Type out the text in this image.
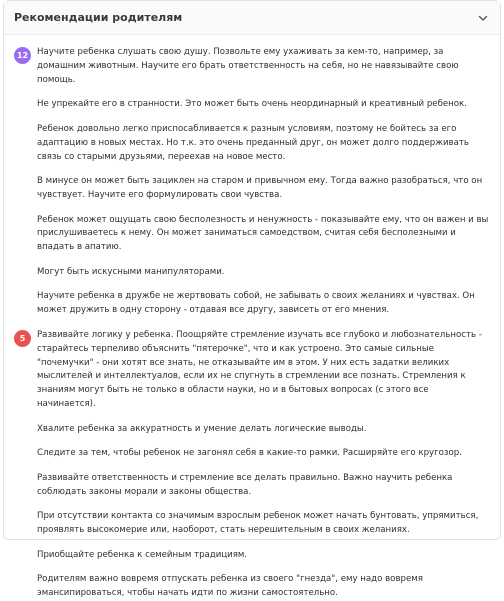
Рекомендации родителям
12	Научите ребенка слушать свою душу. Позвольте ему ухаживать за кем-то, например, за домашним животным. Научите его брать ответственность на себя, но не навязывайте свою помощь.

Не упрекайте его в странности. Это может быть очень неординарный и креативный ребенок.

Ребенок довольно легко приспосабливается к разным условиям, поэтому не бойтесь за его адаптацию в новых местах. Но т.к. это очень преданный друг, он может долго поддерживать связь со старыми друзьями, переехав на новое место.

В минусе он может быть зациклен на старом и привычном ему. Тогда важно разобраться, что он чувствует. Научите его формулировать свои чувства.

Ребенок может ощущать свою бесполезность и ненужность - показывайте ему, что он важен и вы прислушиваетесь к нему. Он может заниматься самоедством, считая себя бесполезными и впадать в апатию.

Могут быть искусными манипуляторами.

Научите ребенка в дружбе не жертвовать собой, не забывать о своих желаниях и чувствах. Он может дружить в одну сторону - отдавая все другу, зависеть от его мнения.

5	Развивайте логику у ребенка. Поощряйте стремление изучать все глубоко и любознательность - старайтесь терпеливо объяснить "пятерочке", что и как устроено. Это самые сильные "почемучки" - они хотят все знать, не отказывайте им в этом. У них есть задатки великих мыслителей и интеллектуалов, если их не спугнуть в стремлении все познать. Стремления к знаниям могут быть не только в области науки, но и в бытовых вопросах (с этого все начинается).

Хвалите ребенка за аккуратность и умение делать логические выводы.

Следите за тем, чтобы ребенок не загонял себя в какие-то рамки. Расширяйте его кругозор.

Развивайте ответственность и стремление все делать правильно. Важно научить ребенка соблюдать законы морали и законы общества.

При отсутствии контакта со значимым взрослым ребенок может начать бунтовать, упрямиться, проявлять высокомерие или, наоборот, стать нерешительным в своих желаниях.

Приобщайте ребенка к семейным традициям.

Родителям важно вовремя отпускать ребенка из своего "гнезда", ему надо вовремя эмансипироваться, чтобы начать идти по жизни самостоятельно.
